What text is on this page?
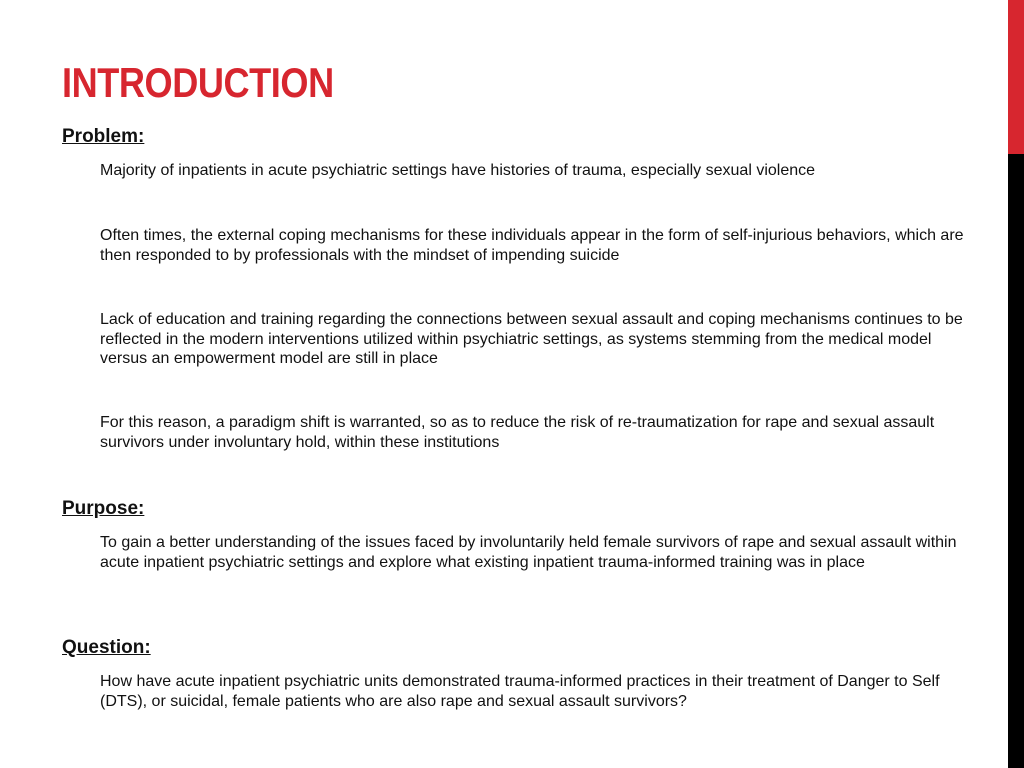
INTRODUCTION
Problem:

Majority of inpatients in acute psychiatric settings have histories of trauma, especially sexual violence

Often times, the external coping mechanisms for these individuals appear in the form of self-injurious behaviors, which are then responded to by professionals with the mindset of impending suicide

Lack of education and training regarding the connections between sexual assault and coping mechanisms continues to be reflected in the modern interventions utilized within psychiatric settings, as systems stemming from the medical model versus an empowerment model are still in place

For this reason, a paradigm shift is warranted, so as to reduce the risk of re-traumatization for rape and sexual assault survivors under involuntary hold, within these institutions

Purpose:

To gain a better understanding of the issues faced by involuntarily held female survivors of rape and sexual assault within acute inpatient psychiatric settings and explore what existing inpatient trauma-informed training was in place

Question:

How have acute inpatient psychiatric units demonstrated trauma-informed practices in their treatment of Danger to Self (DTS), or suicidal, female patients who are also rape and sexual assault survivors?
